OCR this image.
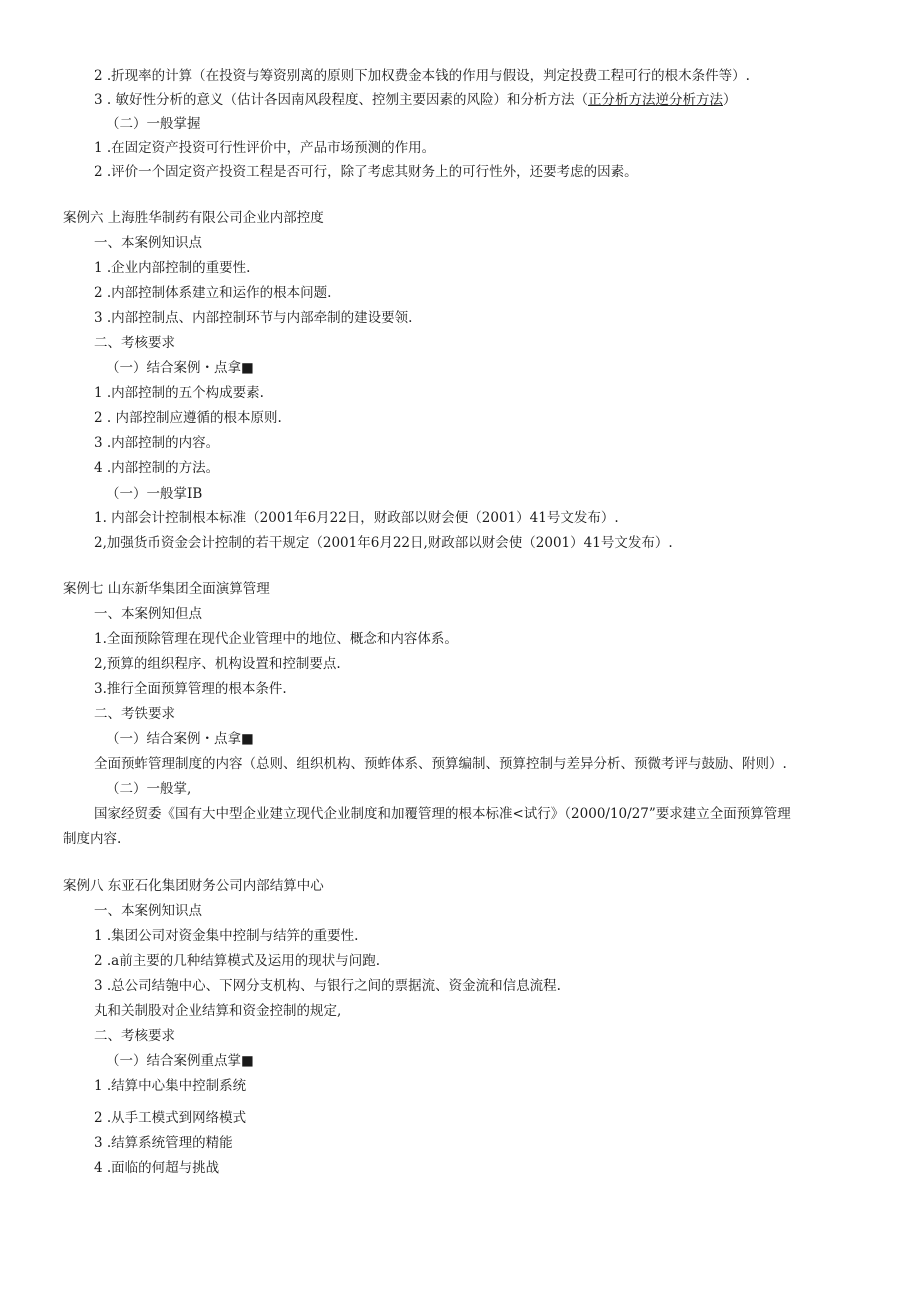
2 .折现率的计算（在投资与筹资别离的原则下加权费金本钱的作用与假设，判定投费工程可行的根木条件等）.
3 . 敏好性分析的意义（估计各因南风段程度、控刎主要因素的风险）和分析方法（正分析方法逆分析方法）
（二）一般掌握
1 .在固定资产投资可行性评价中，产品市场预测的作用。
2 .评价一个固定资产投资工程是否可行，除了考虑其财务上的可行性外，还要考虑的因素。
案例六 上海胜华制药有限公司企业内部控度
一、本案例知识点
1 .企业内部控制的重要性.
2 .内部控制体系建立和运作的根本问题.
3 .内部控制点、内部控制环节与内部牵制的建设要领.
二、考核要求
（一）结合案例・点拿■
1 .内部控制的五个构成要素.
2 . 内部控制应遵循的根本原则.
3 .内部控制的内容。
4 .内部控制的方法。
（一）一般掌IB
1. 内部会计控制根本标准（2001年6月22日，财政部以财会便（2001）41号文发布）.
2,加强货币资金会计控制的若干规定（2001年6月22日,财政部以财会使（2001）41号文发布）.
案例七 山东新华集团全面演算管理
一、本案例知但点
1.全面预除管理在现代企业管理中的地位、概念和内容体系。
2,预算的组织程序、机构设置和控制要点.
3.推行全面预算管理的根本条件.
二、考铁要求
（一）结合案例・点拿■
全面预蚱管理制度的内容（总则、组织机构、预蚱体系、预算编制、预算控制与差异分析、预微考评与鼓励、附则）.
（二）一般掌,
国家经贸委《国有大中型企业建立现代企业制度和加覆管理的根本标准<试行》（2000/10/27”要求建立全面预算管理
制度内容.
案例八 东亚石化集团财务公司内部结算中心
一、本案例知识点
1 .集团公司对资金集中控制与结笄的重要性.
2 .a前主要的几种结算模式及运用的现状与问跑.
3 .总公司结匏中心、下网分支机构、与银行之间的票据流、资金流和信息流程.
丸和关制股对企业结算和资金控制的规定,
二、考核要求
（一）结合案例重点掌■
1 .结算中心集中控制系统
2 .从手工模式到网络模式
3 .结算系统管理的精能
4 .面临的何超与挑战
